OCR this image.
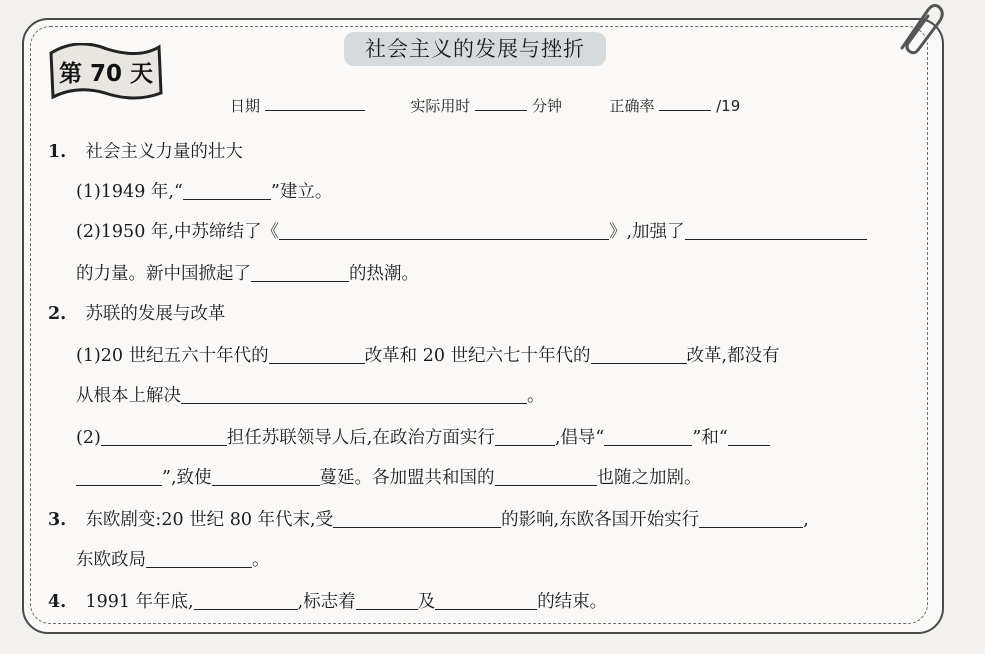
社会主义的发展与挫折
第 70 天
日期	实际用时	分钟	正确率	/19
1. 社会主义力量的壮大
(1)1949 年,“	”建立。
(2)1950 年,中苏缔结了《	》,加强了
的力量。新中国掀起了	的热潮。
2. 苏联的发展与改革
(1)20 世纪五六十年代的	改革和 20 世纪六七十年代的	改革,都没有
从根本上解决	。
(2)	担任苏联领导人后,在政治方面实行	,倡导“	”和“
”,致使	蔓延。各加盟共和国的	也随之加剧。
3. 东欧剧变:20 世纪 80 年代末,受	的影响,东欧各国开始实行	,
东欧政局	。
4. 1991 年年底,	,标志着	及	的结束。
